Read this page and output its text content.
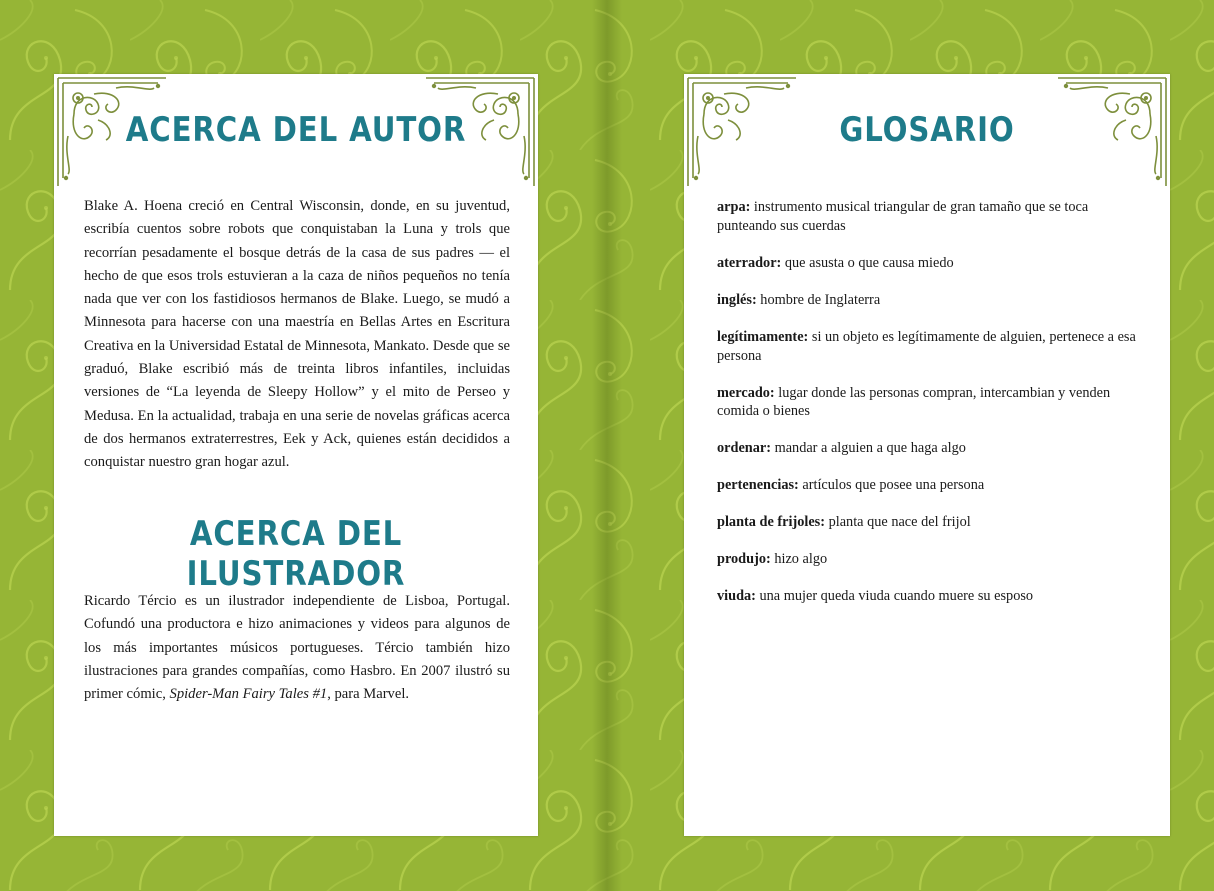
ACERCA DEL AUTOR

Blake A. Hoena creció en Central Wisconsin, donde, en su juventud, escribía cuentos sobre robots que conquistaban la Luna y trols que recorrían pesadamente el bosque detrás de la casa de sus padres — el hecho de que esos trols estuvieran a la caza de niños pequeños no tenía nada que ver con los fastidiosos hermanos de Blake. Luego, se mudó a Minnesota para hacerse con una maestría en Bellas Artes en Escritura Creativa en la Universidad Estatal de Minnesota, Mankato. Desde que se graduó, Blake escribió más de treinta libros infantiles, incluidas versiones de “La leyenda de Sleepy Hollow” y el mito de Perseo y Medusa. En la actualidad, trabaja en una serie de novelas gráficas acerca de dos hermanos extraterrestres, Eek y Ack, quienes están decididos a conquistar nuestro gran hogar azul.

ACERCA DEL ILUSTRADOR

Ricardo Tércio es un ilustrador independiente de Lisboa, Portugal. Cofundó una productora e hizo animaciones y videos para algunos de los más importantes músicos portugueses. Tércio también hizo ilustraciones para grandes compañías, como Hasbro. En 2007 ilustró su primer cómic, Spider-Man Fairy Tales #1, para Marvel.

GLOSARIO
arpa: instrumento musical triangular de gran tamaño que se toca punteando sus cuerdas
aterrador: que asusta o que causa miedo
inglés: hombre de Inglaterra
legítimamente: si un objeto es legítimamente de alguien, pertenece a esa persona
mercado: lugar donde las personas compran, intercambian y venden comida o bienes
ordenar: mandar a alguien a que haga algo
pertenencias: artículos que posee una persona
planta de frijoles: planta que nace del frijol
produjo: hizo algo
viuda: una mujer queda viuda cuando muere su esposo
